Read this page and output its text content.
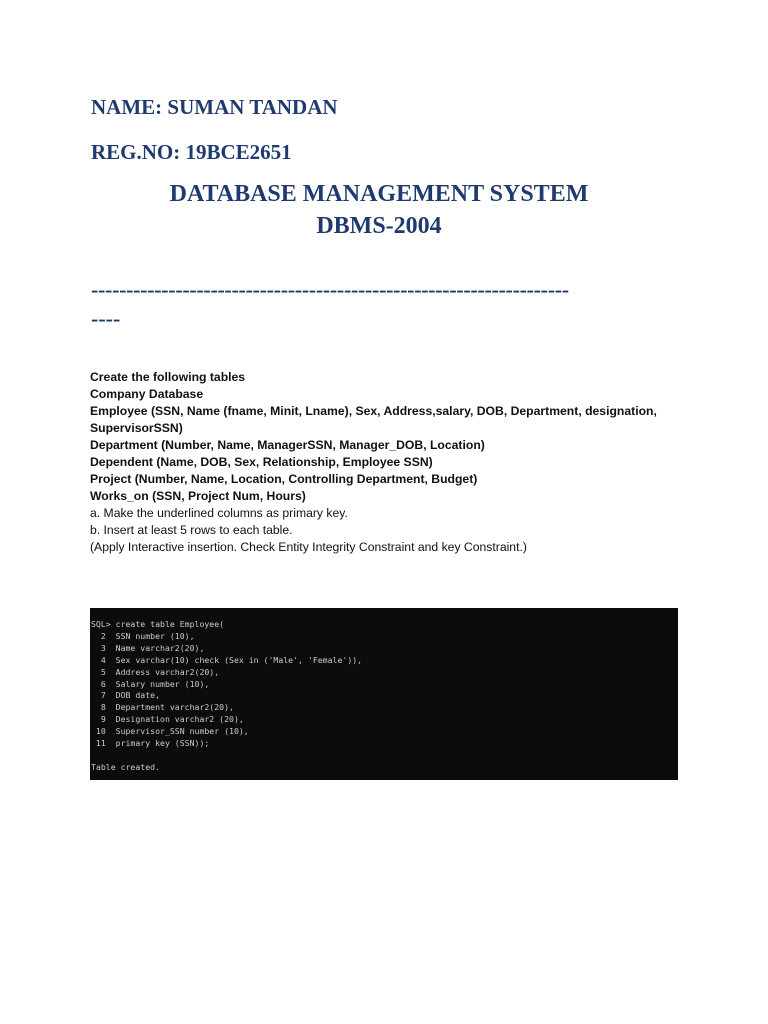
NAME: SUMAN TANDAN

REG.NO: 19BCE2651

DATABASE MANAGEMENT SYSTEM

DBMS-2004

--------------------------------------------------------------------

----

Create the following tables
Company Database
Employee (SSN, Name (fname, Minit, Lname), Sex, Address,salary, DOB, Department, designation,
SupervisorSSN)
Department (Number, Name, ManagerSSN, Manager_DOB, Location)
Dependent (Name, DOB, Sex, Relationship, Employee SSN)
Project (Number, Name, Location, Controlling Department, Budget)
Works_on (SSN, Project Num, Hours)
a. Make the underlined columns as primary key.
b. Insert at least 5 rows to each table.
(Apply Interactive insertion. Check Entity Integrity Constraint and key Constraint.)
SQL> create table Employee(
2  SSN number (10),
3  Name varchar2(20),
4  Sex varchar(10) check (Sex in ('Male', 'Female')),
5  Address varchar2(20),
6  Salary number (10),
7  DOB date,
8  Department varchar2(20),
9  Designation varchar2 (20),
10  Supervisor_SSN number (10),
11  primary key (SSN));
Table created.
